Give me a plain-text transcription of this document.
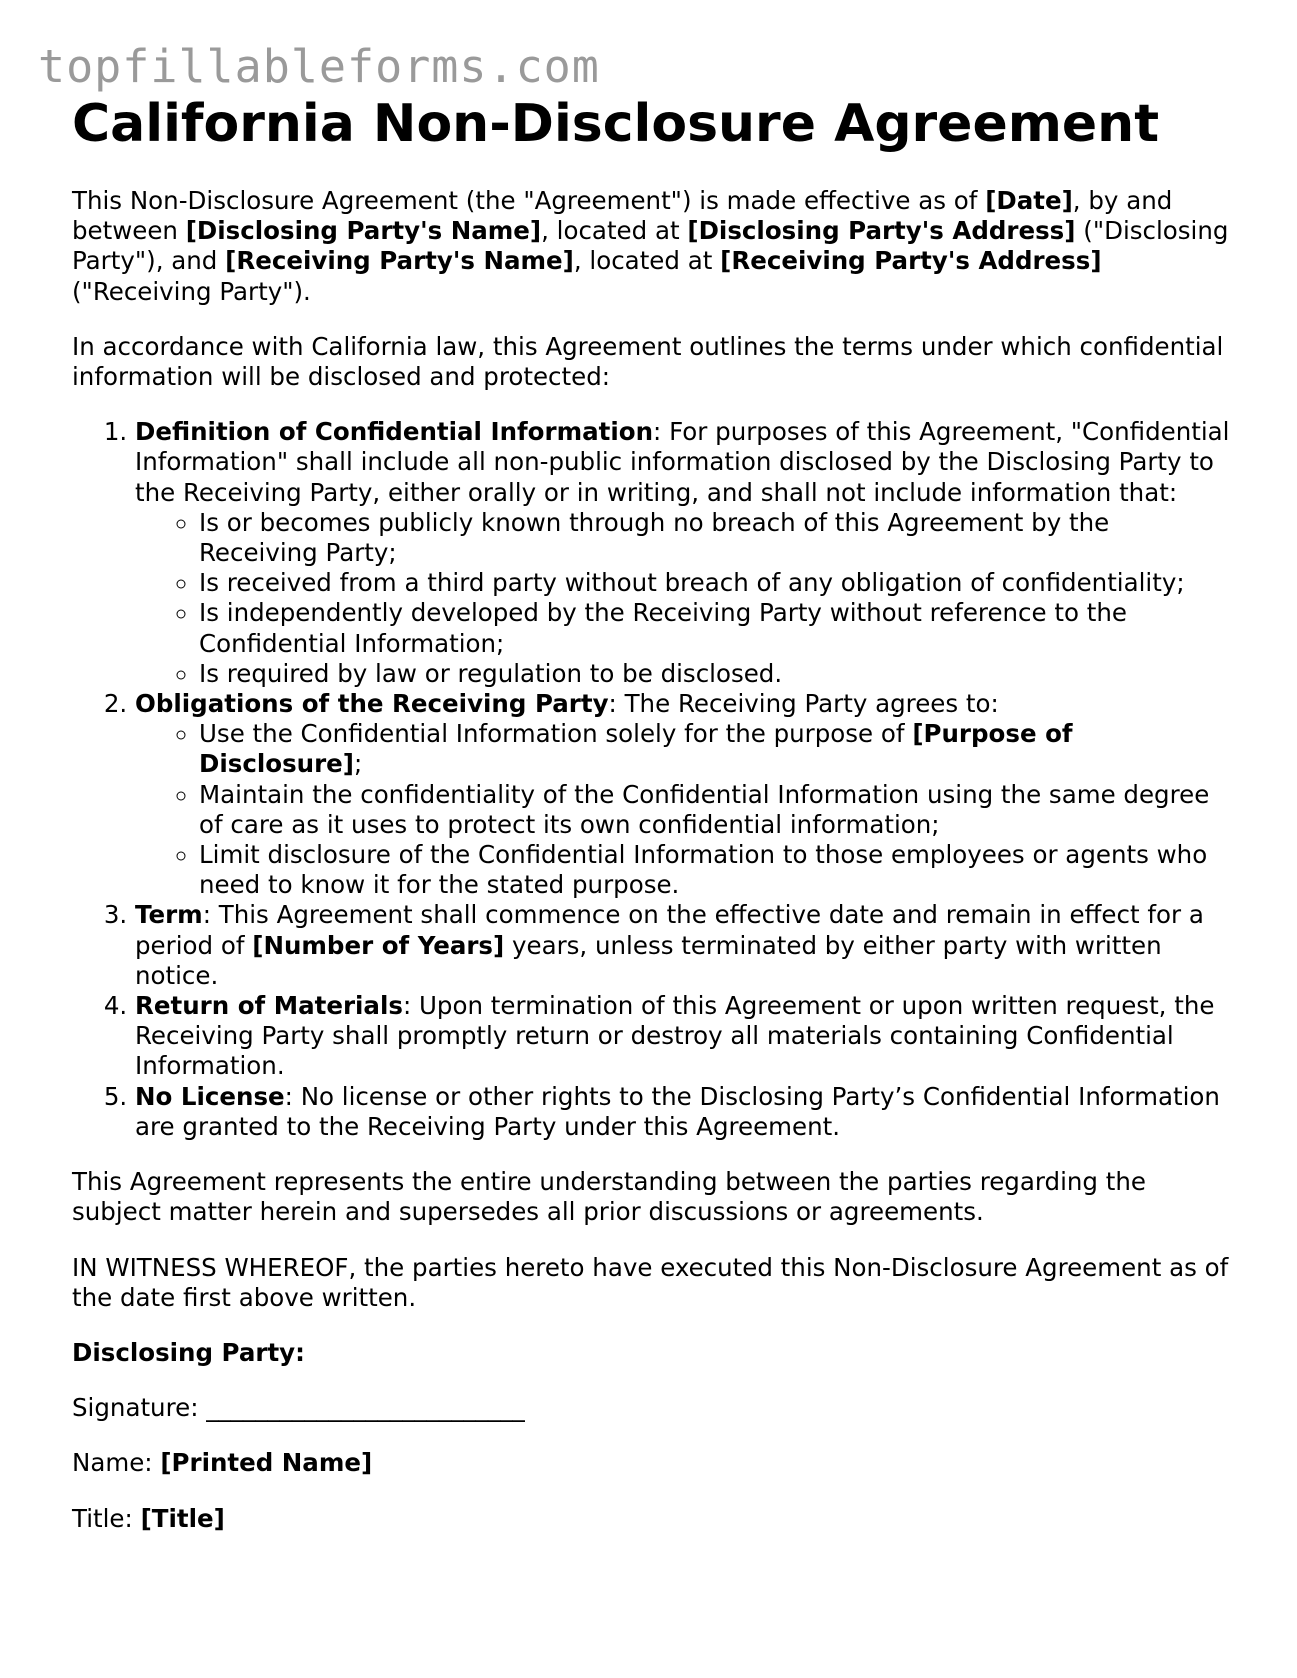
topfillableforms.com
California Non-Disclosure Agreement

This Non-Disclosure Agreement (the "Agreement") is made effective as of [Date], by and between [Disclosing Party's Name], located at [Disclosing Party's Address] ("Disclosing Party"), and [Receiving Party's Name], located at [Receiving Party's Address] ("Receiving Party").

In accordance with California law, this Agreement outlines the terms under which confidential information will be disclosed and protected:

1. Definition of Confidential Information: For purposes of this Agreement, "Confidential Information" shall include all non-public information disclosed by the Disclosing Party to the Receiving Party, either orally or in writing, and shall not include information that:
◦ Is or becomes publicly known through no breach of this Agreement by the Receiving Party;
◦ Is received from a third party without breach of any obligation of confidentiality;
◦ Is independently developed by the Receiving Party without reference to the Confidential Information;
◦ Is required by law or regulation to be disclosed.
2. Obligations of the Receiving Party: The Receiving Party agrees to:
◦ Use the Confidential Information solely for the purpose of [Purpose of Disclosure];
◦ Maintain the confidentiality of the Confidential Information using the same degree of care as it uses to protect its own confidential information;
◦ Limit disclosure of the Confidential Information to those employees or agents who need to know it for the stated purpose.
3. Term: This Agreement shall commence on the effective date and remain in effect for a period of [Number of Years] years, unless terminated by either party with written notice.
4. Return of Materials: Upon termination of this Agreement or upon written request, the Receiving Party shall promptly return or destroy all materials containing Confidential Information.
5. No License: No license or other rights to the Disclosing Party’s Confidential Information are granted to the Receiving Party under this Agreement.

This Agreement represents the entire understanding between the parties regarding the subject matter herein and supersedes all prior discussions or agreements.

IN WITNESS WHEREOF, the parties hereto have executed this Non-Disclosure Agreement as of the date first above written.

Disclosing Party:

Signature: __________________________

Name: [Printed Name]

Title: [Title]
